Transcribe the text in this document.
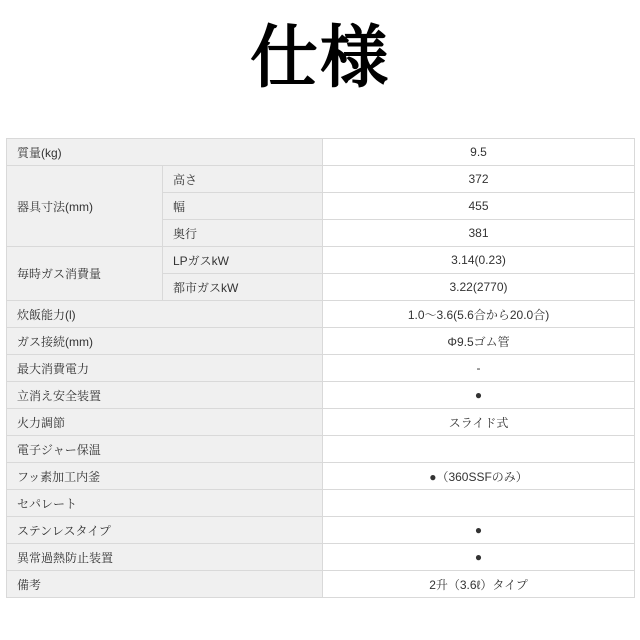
仕様
質量(kg)		9.5
器具寸法(mm)	高さ	372
	幅	455
	奥行	381
毎時ガス消費量	LPガスkW	3.14(0.23)
	都市ガスkW	3.22(2770)
炊飯能力(l)		1.0～3.6(5.6合から20.0合)
ガス接続(mm)		Φ9.5ゴム管
最大消費電力		-
立消え安全装置		●
火力調節		スライド式
電子ジャー保温		
フッ素加工内釜		●（360SSFのみ）
セパレート		
ステンレスタイプ		●
異常過熱防止装置		●
備考		2升（3.6ℓ）タイプ
